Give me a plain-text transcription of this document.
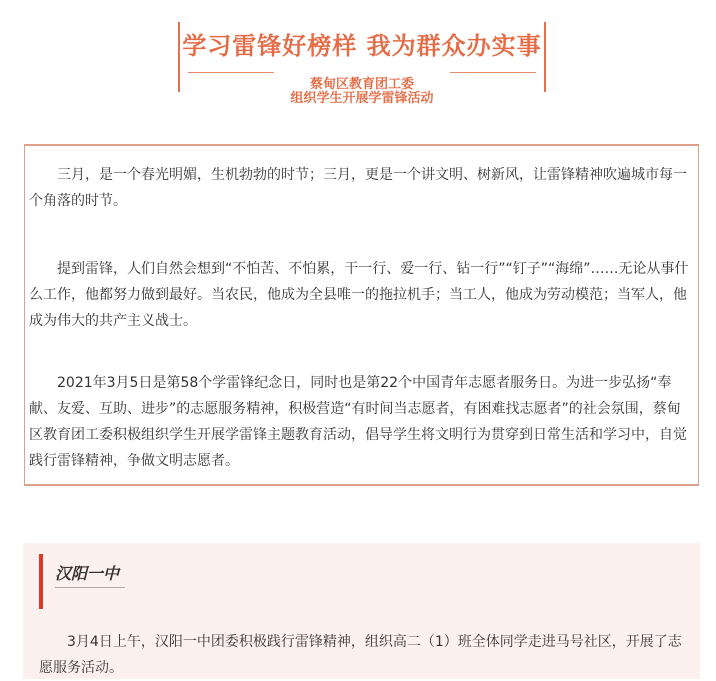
学习雷锋好榜样 我为群众办实事
蔡甸区教育团工委
组织学生开展学雷锋活动

三月，是一个春光明媚，生机勃勃的时节；三月，更是一个讲文明、树新风，让雷锋精神吹遍城市每一个角落的时节。

提到雷锋，人们自然会想到“不怕苦、不怕累，干一行、爱一行、钻一行”“钉子”“海绵”……无论从事什么工作，他都努力做到最好。当农民，他成为全县唯一的拖拉机手；当工人，他成为劳动模范；当军人，他成为伟大的共产主义战士。

2021年3月5日是第58个学雷锋纪念日，同时也是第22个中国青年志愿者服务日。为进一步弘扬“奉献、友爱、互助、进步”的志愿服务精神，积极营造“有时间当志愿者，有困难找志愿者”的社会氛围，蔡甸区教育团工委积极组织学生开展学雷锋主题教育活动，倡导学生将文明行为贯穿到日常生活和学习中，自觉践行雷锋精神，争做文明志愿者。

汉阳一中

3月4日上午，汉阳一中团委积极践行雷锋精神，组织高二（1）班全体同学走进马号社区，开展了志愿服务活动。
